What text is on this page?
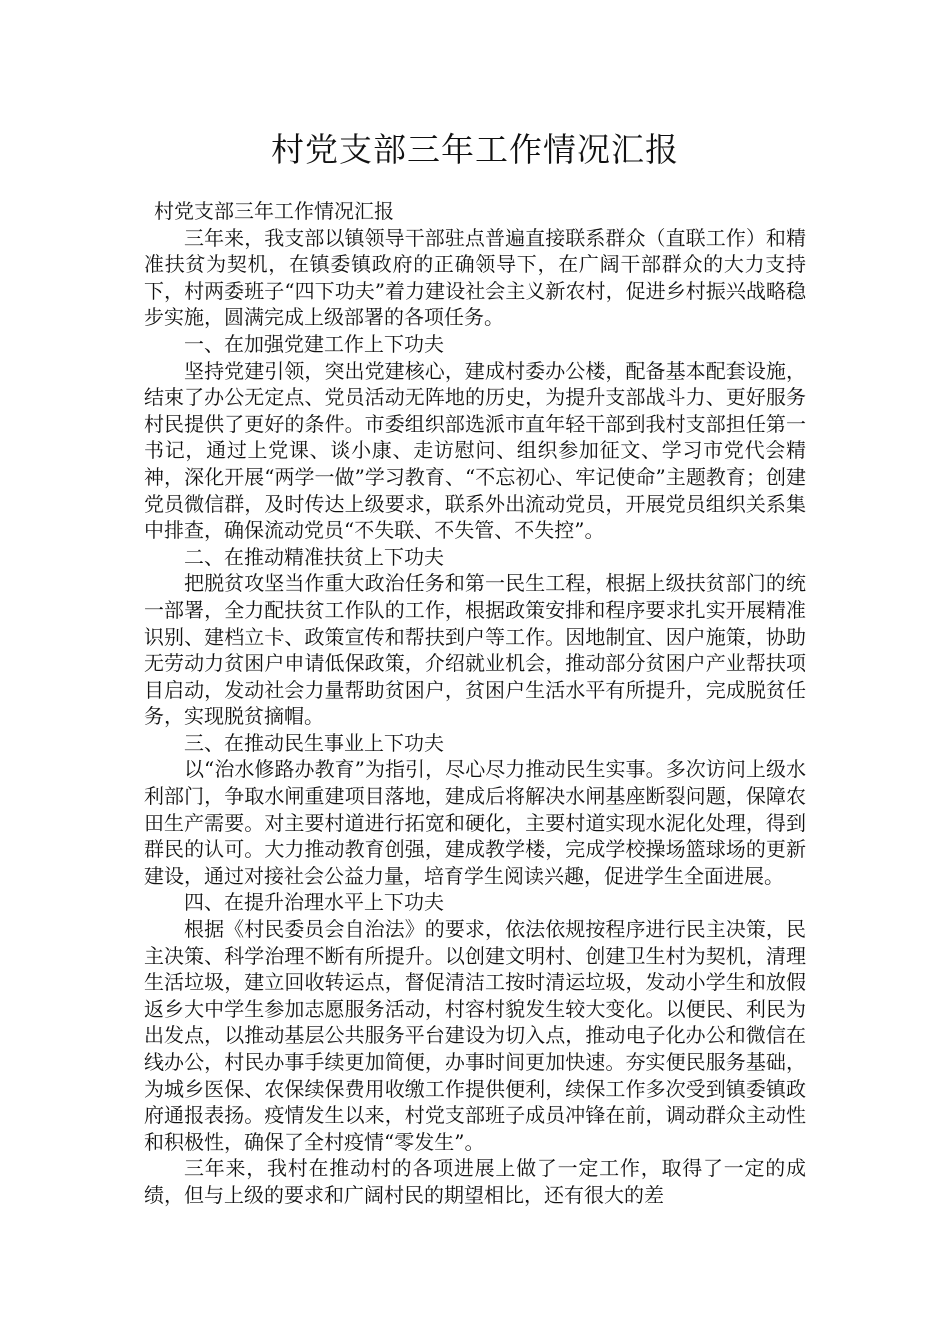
村党支部三年工作情况汇报

村党支部三年工作情况汇报

三年来，我支部以镇领导干部驻点普遍直接联系群众（直联工作）和精准扶贫为契机，在镇委镇政府的正确领导下，在广阔干部群众的大力支持下，村两委班子“四下功夫”着力建设社会主义新农村，促进乡村振兴战略稳步实施，圆满完成上级部署的各项任务。

一、在加强党建工作上下功夫

坚持党建引领，突出党建核心，建成村委办公楼，配备基本配套设施，结束了办公无定点、党员活动无阵地的历史，为提升支部战斗力、更好服务村民提供了更好的条件。市委组织部选派市直年轻干部到我村支部担任第一书记，通过上党课、谈小康、走访慰问、组织参加征文、学习市党代会精神，深化开展“两学一做”学习教育、“不忘初心、牢记使命”主题教育；创建党员微信群，及时传达上级要求，联系外出流动党员，开展党员组织关系集中排查，确保流动党员“不失联、不失管、不失控”。

二、在推动精准扶贫上下功夫

把脱贫攻坚当作重大政治任务和第一民生工程，根据上级扶贫部门的统一部署，全力配扶贫工作队的工作，根据政策安排和程序要求扎实开展精准识别、建档立卡、政策宣传和帮扶到户等工作。因地制宜、因户施策，协助无劳动力贫困户申请低保政策，介绍就业机会，推动部分贫困户产业帮扶项目启动，发动社会力量帮助贫困户，贫困户生活水平有所提升，完成脱贫任务，实现脱贫摘帽。

三、在推动民生事业上下功夫

以“治水修路办教育”为指引，尽心尽力推动民生实事。多次访问上级水利部门，争取水闸重建项目落地，建成后将解决水闸基座断裂问题，保障农田生产需要。对主要村道进行拓宽和硬化，主要村道实现水泥化处理，得到群民的认可。大力推动教育创强，建成教学楼，完成学校操场篮球场的更新建设，通过对接社会公益力量，培育学生阅读兴趣，促进学生全面进展。

四、在提升治理水平上下功夫

根据《村民委员会自治法》的要求，依法依规按程序进行民主决策，民主决策、科学治理不断有所提升。以创建文明村、创建卫生村为契机，清理生活垃圾，建立回收转运点，督促清洁工按时清运垃圾，发动小学生和放假返乡大中学生参加志愿服务活动，村容村貌发生较大变化。以便民、利民为出发点，以推动基层公共服务平台建设为切入点，推动电子化办公和微信在线办公，村民办事手续更加简便，办事时间更加快速。夯实便民服务基础，为城乡医保、农保续保费用收缴工作提供便利，续保工作多次受到镇委镇政府通报表扬。疫情发生以来，村党支部班子成员冲锋在前，调动群众主动性和积极性，确保了全村疫情“零发生”。

三年来，我村在推动村的各项进展上做了一定工作，取得了一定的成绩，但与上级的要求和广阔村民的期望相比，还有很大的差
